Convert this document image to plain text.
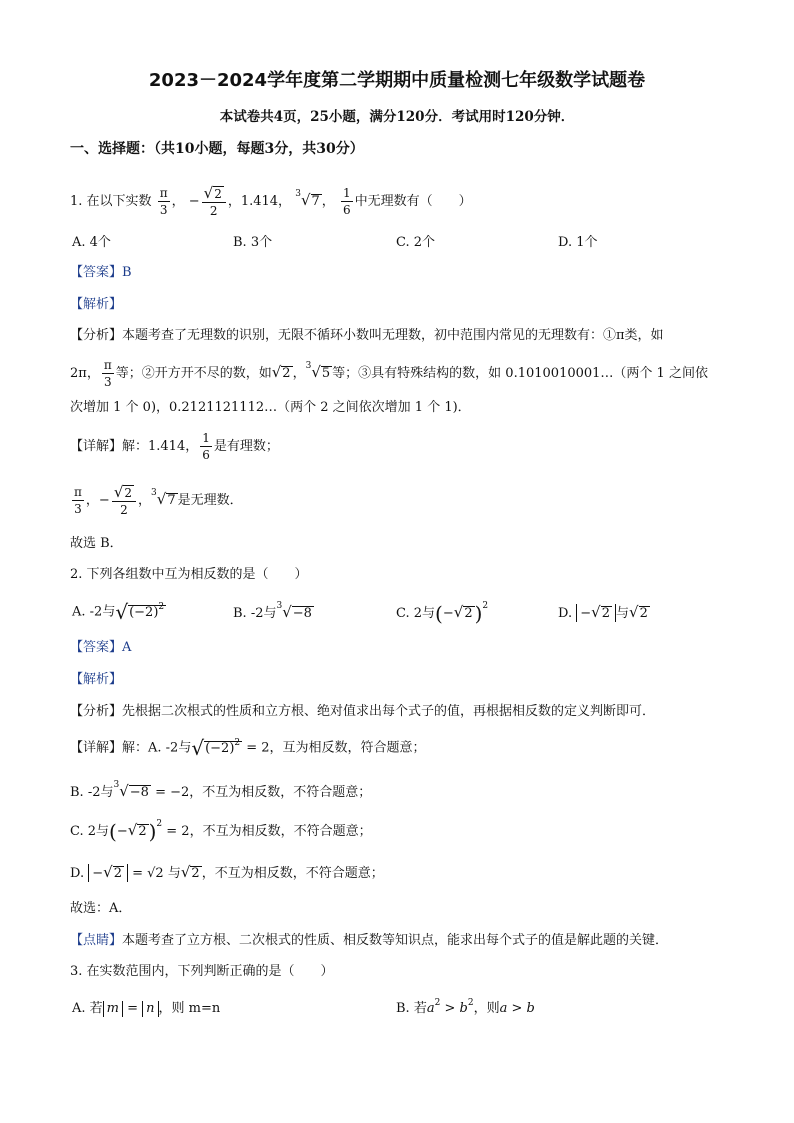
2023－2024学年度第二学期期中质量检测七年级数学试题卷
本试卷共4页，25小题，满分120分．考试用时120分钟．
一、选择题：（共10小题，每题3分，共30分）
1. 在以下实数 $\frac{\pi}{3}$ ， − $\frac{√2}{2}$ ，1.414， $^3$√7 ， $\frac{1}{6}$ 中无理数有（　　）
A. 4个	B. 3个	C. 2个	D. 1个
【答案】B
【解析】
【分析】本题考查了无理数的识别，无限不循环小数叫无理数，初中范围内常见的无理数有：①π类，如
2π， $\frac{\pi}{3}$ 等；②开方开不尽的数，如√2 ，$^3$√5 等；③具有特殊结构的数，如 0.1010010001…（两个 1 之间依
次增加 1 个 0)，0.2121121112…（两个 2 之间依次增加 1 个 1)．
【详解】解：1.414， $\frac{1}{6}$ 是有理数；
$\frac{\pi}{3}$ ，− $\frac{√2}{2}$ ，$^3$√7 是无理数．
故选 B．
2. 下列各组数中互为相反数的是（　　）
A. -2与$√(-2)^2$	B. -2与$^3$√−8	C. 2与(−√2 )$^2$	D. −√2 与√2
【答案】A
【解析】
【分析】先根据二次根式的性质和立方根、绝对值求出每个式子的值，再根据相反数的定义判断即可．
【详解】解：A. -2与$√(-2)^2 = 2$，互为相反数，符合题意；
B. -2与$^3$√−8 = −2，不互为相反数，不符合题意；
C. 2与(−√2 )$^2$ = 2，不互为相反数，不符合题意；
D. −√2 = √2 与√2 ，不互为相反数，不符合题意；
故选：A．
【点睛】本题考查了立方根、二次根式的性质、相反数等知识点，能求出每个式子的值是解此题的关键．
3. 在实数范围内，下列判断正确的是（　　）
A. 若 m = n ，则 m=n	B. 若$a^2 > b^2$，则a > b
